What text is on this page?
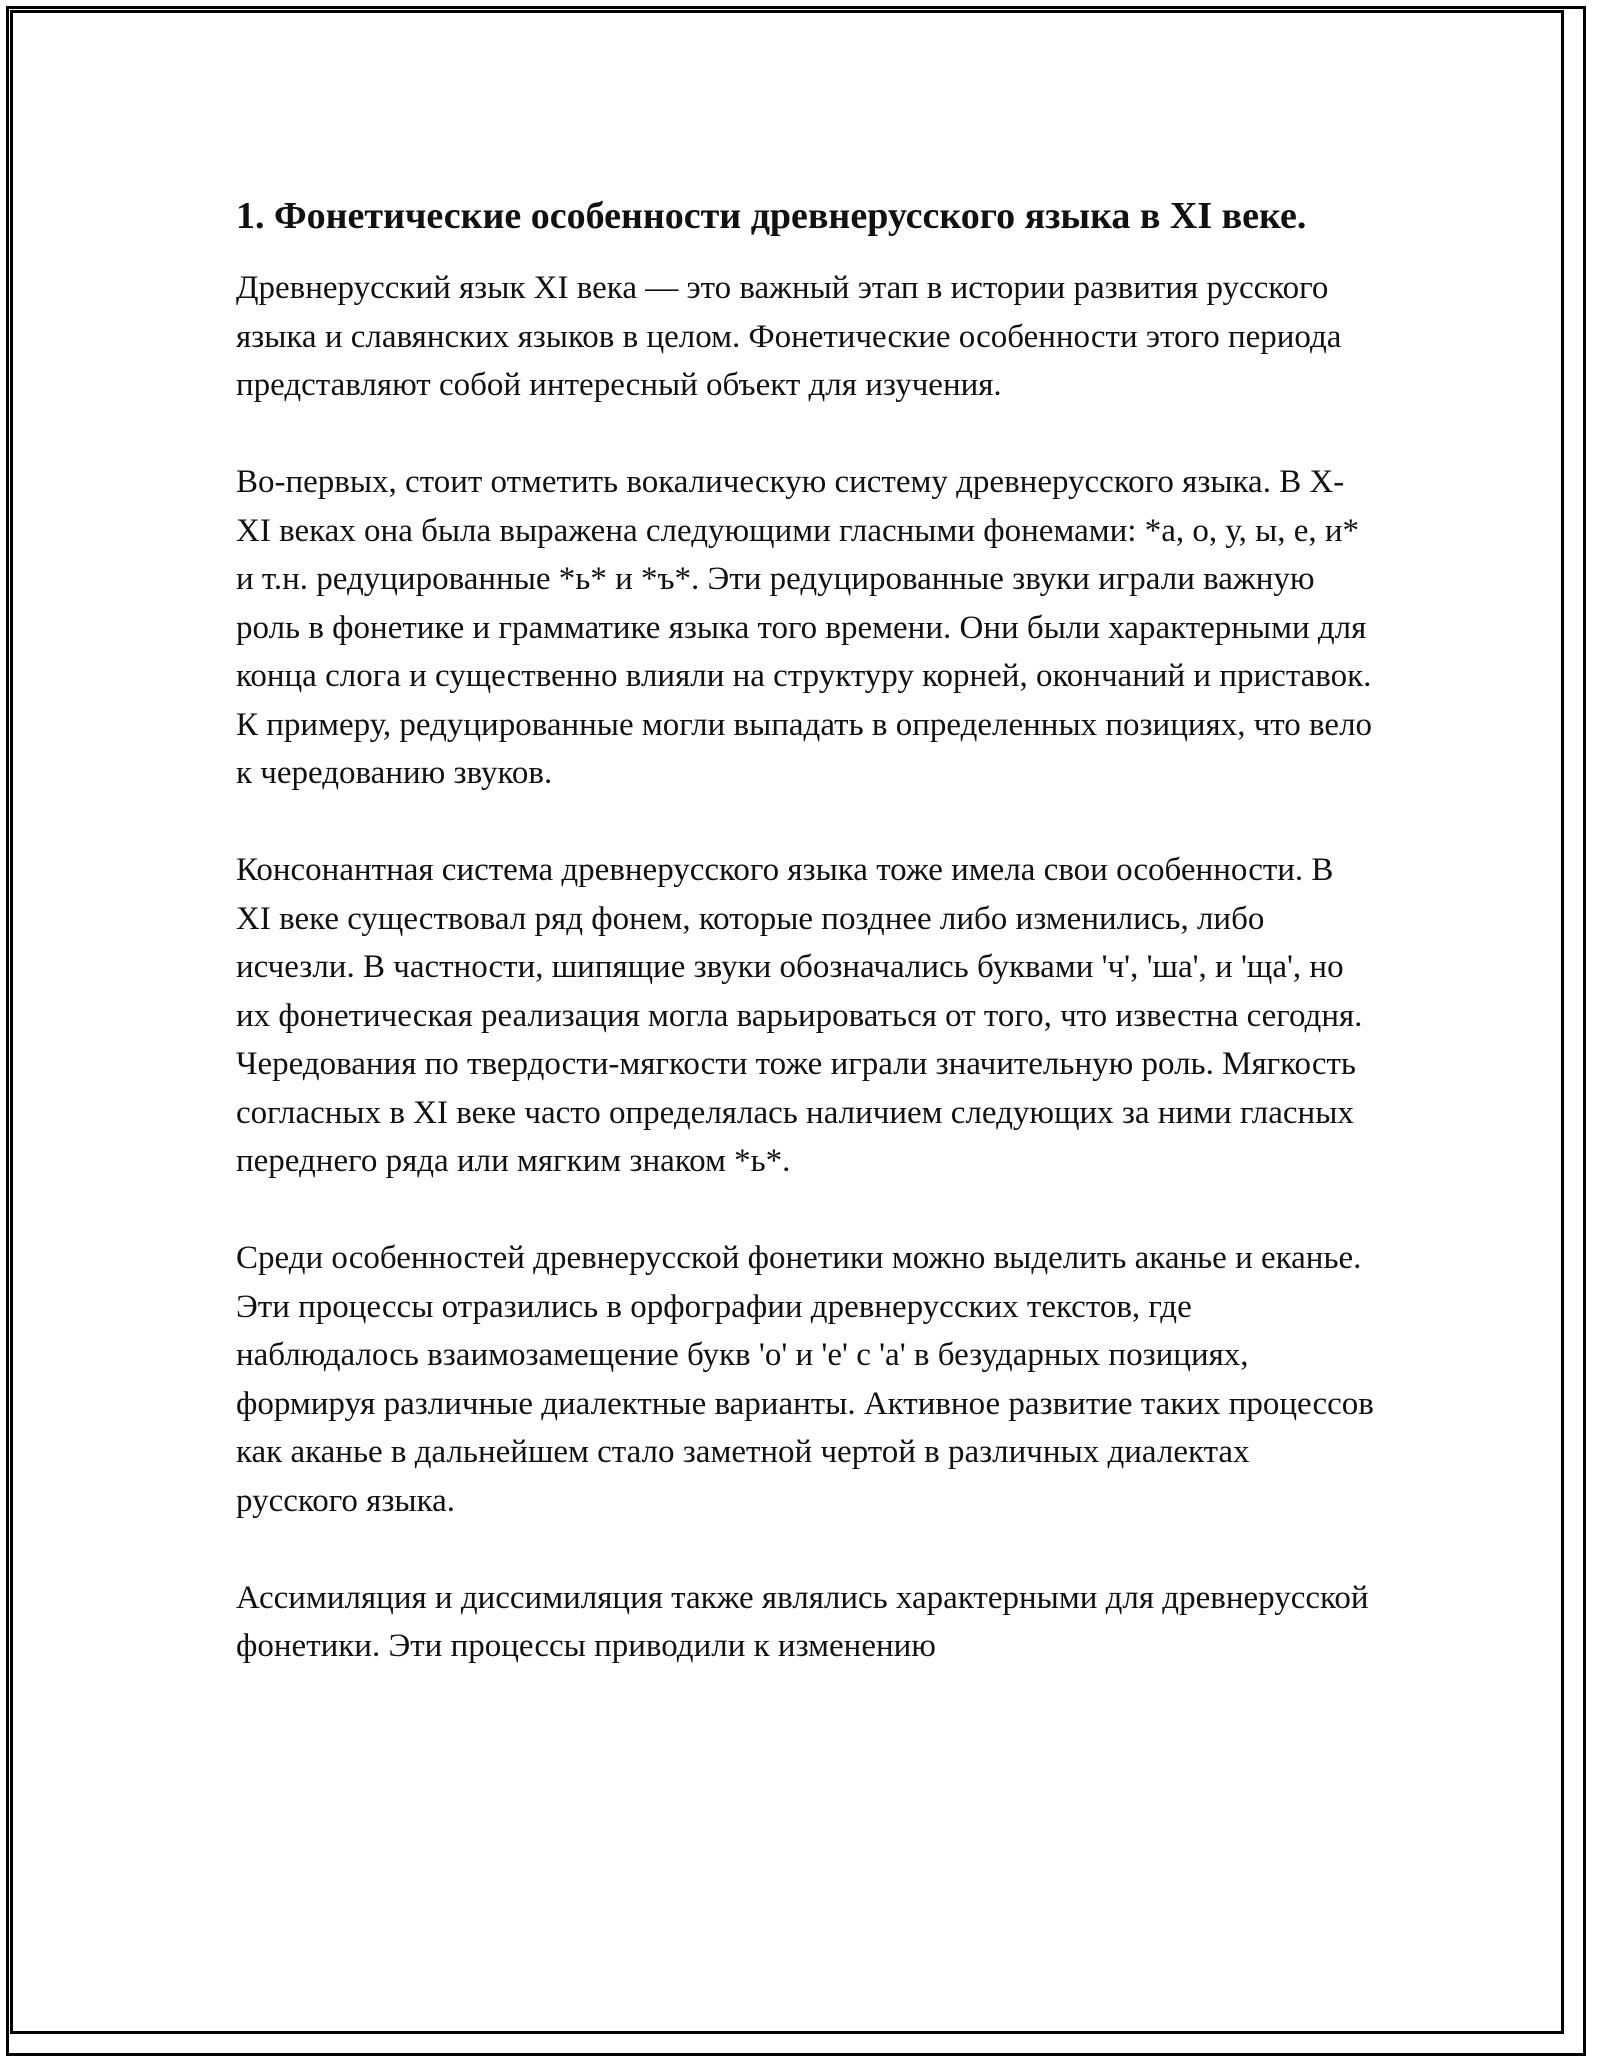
1. Фонетические особенности древнерусского языка в XI веке.

Древнерусский язык XI века — это важный этап в истории развития русского языка и славянских языков в целом. Фонетические особенности этого периода представляют собой интересный объект для изучения.

Во-первых, стоит отметить вокалическую систему древнерусского языка. В X-XI веках она была выражена следующими гласными фонемами: *а, о, у, ы, е, и* и т.н. редуцированные *ь* и *ъ*. Эти редуцированные звуки играли важную роль в фонетике и грамматике языка того времени. Они были характерными для конца слога и существенно влияли на структуру корней, окончаний и приставок. К примеру, редуцированные могли выпадать в определенных позициях, что вело к чередованию звуков.

Консонантная система древнерусского языка тоже имела свои особенности. В XI веке существовал ряд фонем, которые позднее либо изменились, либо исчезли. В частности, шипящие звуки обозначались буквами 'ч', 'ша', и 'ща', но их фонетическая реализация могла варьироваться от того, что известна сегодня. Чередования по твердости-мягкости тоже играли значительную роль. Мягкость согласных в XI веке часто определялась наличием следующих за ними гласных переднего ряда или мягким знаком *ь*.

Среди особенностей древнерусской фонетики можно выделить аканье и еканье. Эти процессы отразились в орфографии древнерусских текстов, где наблюдалось взаимозамещение букв 'о' и 'е' с 'а' в безударных позициях, формируя различные диалектные варианты. Активное развитие таких процессов как аканье в дальнейшем стало заметной чертой в различных диалектах русского языка.

Ассимиляция и диссимиляция также являлись характерными для древнерусской фонетики. Эти процессы приводили к изменению
